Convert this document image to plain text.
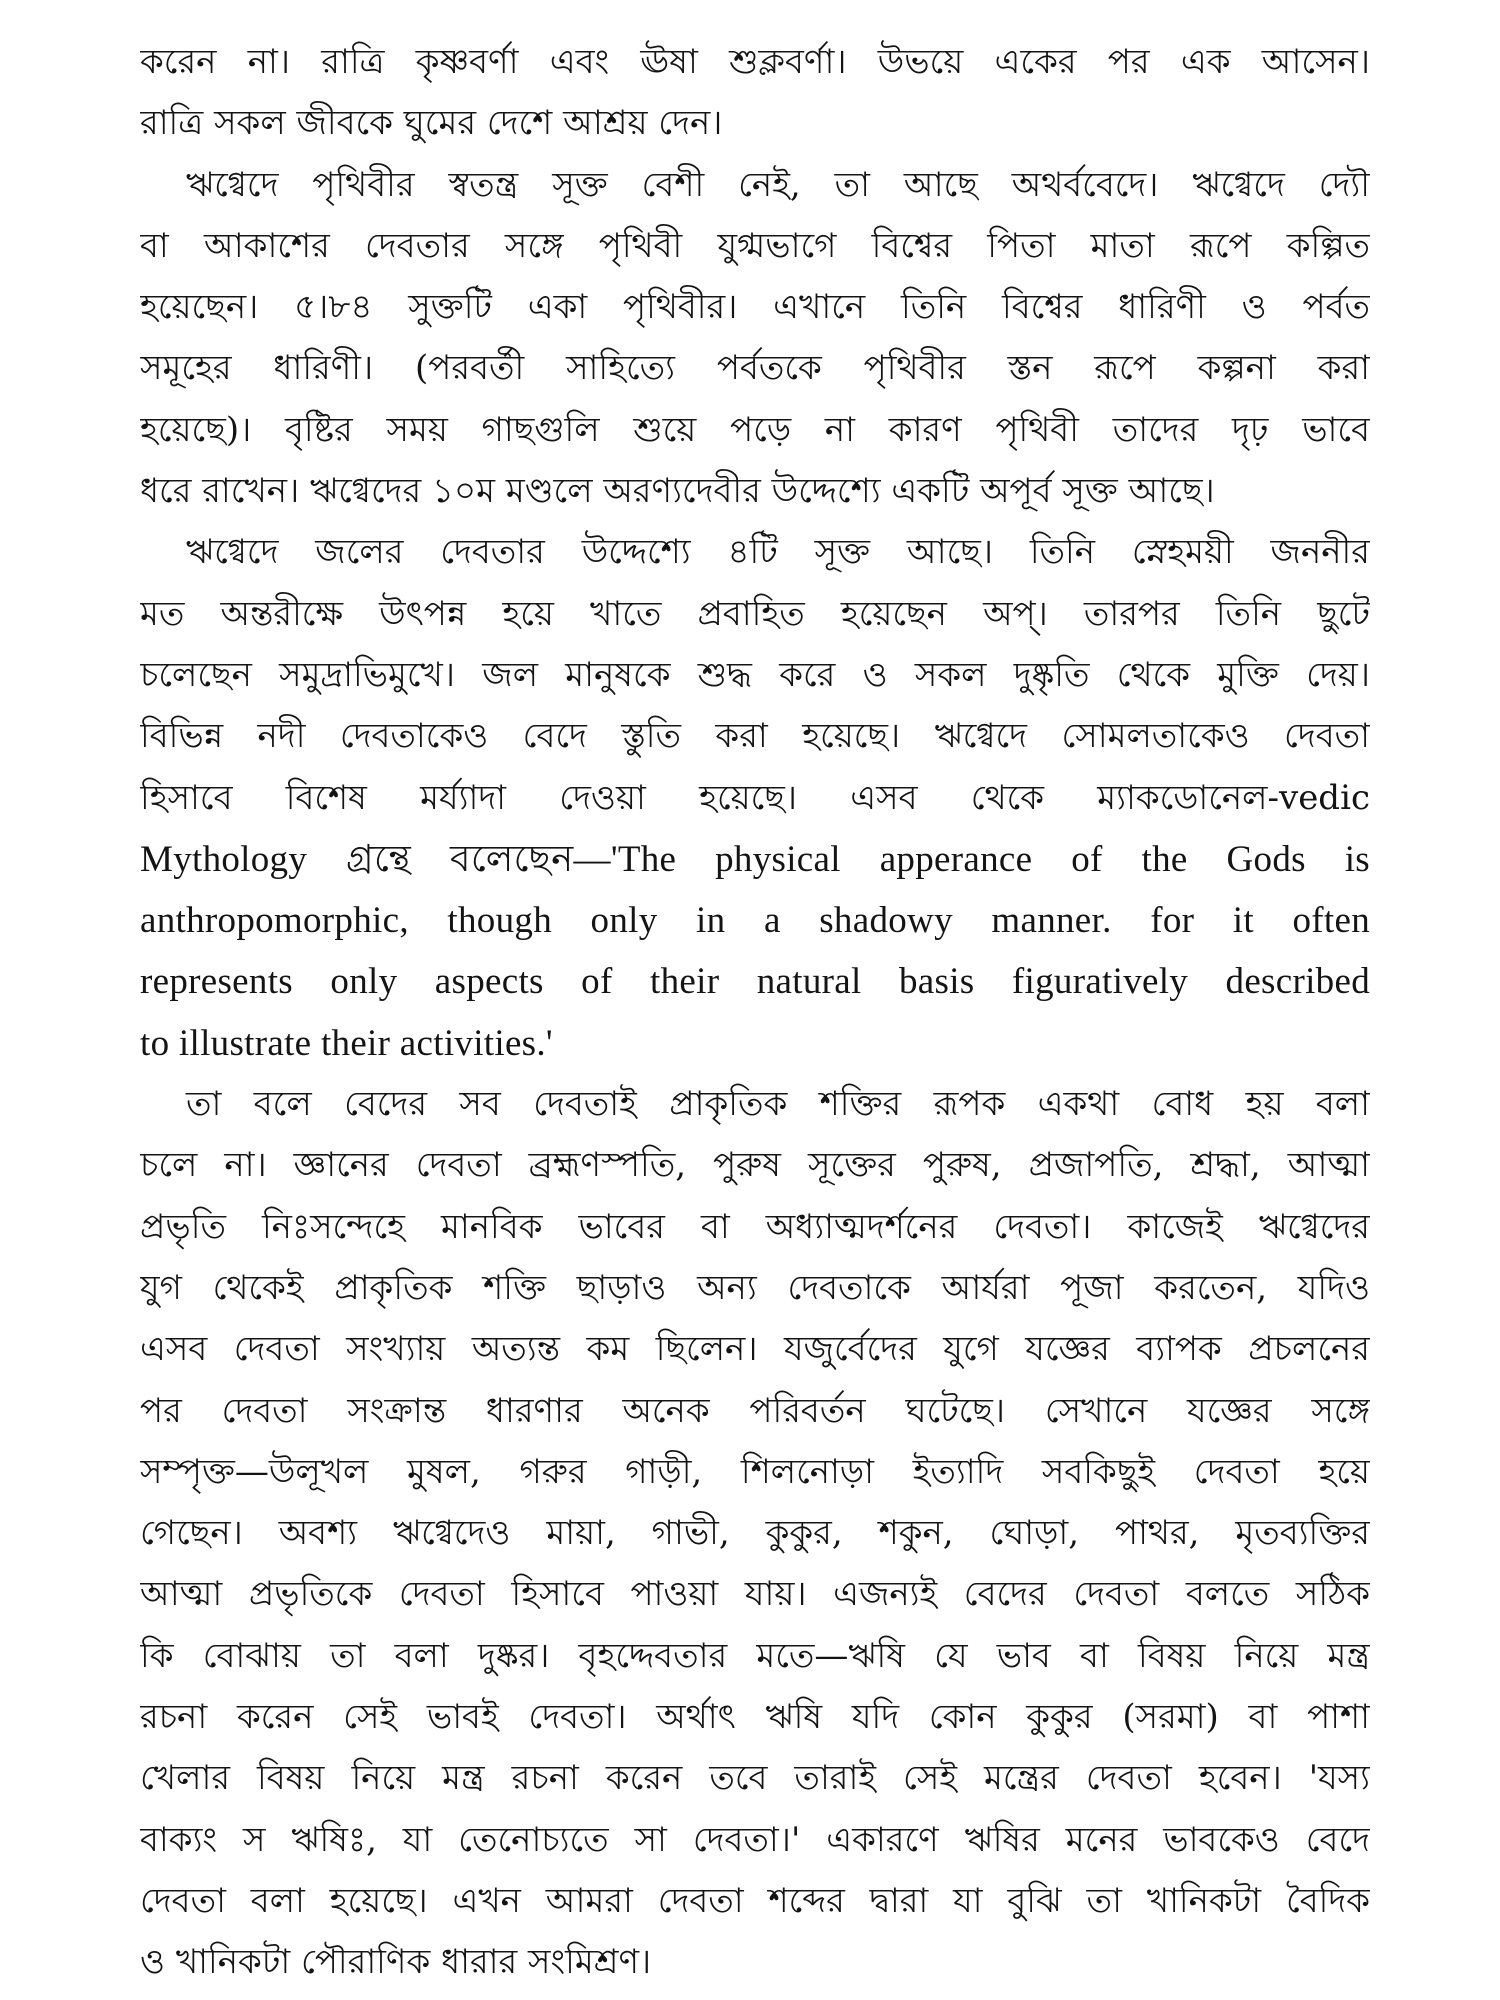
করেন না। রাত্রি কৃষ্ণবর্ণা এবং ঊষা শুক্লবর্ণা। উভয়ে একের পর এক আসেন।
রাত্রি সকল জীবকে ঘুমের দেশে আশ্রয় দেন।
ঋগ্বেদে পৃথিবীর স্বতন্ত্র সূক্ত বেশী নেই, তা আছে অথর্ববেদে। ঋগ্বেদে দ্যৌ
বা আকাশের দেবতার সঙ্গে পৃথিবী যুগ্মভাগে বিশ্বের পিতা মাতা রূপে কল্পিত
হয়েছেন। ৫।৮৪ সুক্তটি একা পৃথিবীর। এখানে তিনি বিশ্বের ধারিণী ও পর্বত
সমূহের ধারিণী। (পরবর্তী সাহিত্যে পর্বতকে পৃথিবীর স্তন রূপে কল্পনা করা
হয়েছে)। বৃষ্টির সময় গাছগুলি শুয়ে পড়ে না কারণ পৃথিবী তাদের দৃঢ় ভাবে
ধরে রাখেন। ঋগ্বেদের ১০ম মণ্ডলে অরণ্যদেবীর উদ্দেশ্যে একটি অপূর্ব সূক্ত আছে।
ঋগ্বেদে জলের দেবতার উদ্দেশ্যে ৪টি সূক্ত আছে। তিনি স্নেহময়ী জননীর
মত অন্তরীক্ষে উৎপন্ন হয়ে খাতে প্রবাহিত হয়েছেন অপ্। তারপর তিনি ছুটে
চলেছেন সমুদ্রাভিমুখে। জল মানুষকে শুদ্ধ করে ও সকল দুষ্কৃতি থেকে মুক্তি দেয়।
বিভিন্ন নদী দেবতাকেও বেদে স্তুতি করা হয়েছে। ঋগ্বেদে সোমলতাকেও দেবতা
হিসাবে বিশেষ মর্য্যাদা দেওয়া হয়েছে। এসব থেকে ম্যাকডোনেল-vedic
Mythology গ্রন্থে বলেছেন—'The physical apperance of the Gods is
anthropomorphic, though only in a shadowy manner. for it often
represents only aspects of their natural basis figuratively described
to illustrate their activities.'
তা বলে বেদের সব দেবতাই প্রাকৃতিক শক্তির রূপক একথা বোধ হয় বলা
চলে না। জ্ঞানের দেবতা ব্রহ্মণস্পতি, পুরুষ সূক্তের পুরুষ, প্রজাপতি, শ্রদ্ধা, আত্মা
প্রভৃতি নিঃসন্দেহে মানবিক ভাবের বা অধ্যাত্মদর্শনের দেবতা। কাজেই ঋগ্বেদের
যুগ থেকেই প্রাকৃতিক শক্তি ছাড়াও অন্য দেবতাকে আর্যরা পূজা করতেন, যদিও
এসব দেবতা সংখ্যায় অত্যন্ত কম ছিলেন। যজুর্বেদের যুগে যজ্ঞের ব্যাপক প্রচলনের
পর দেবতা সংক্রান্ত ধারণার অনেক পরিবর্তন ঘটেছে। সেখানে যজ্ঞের সঙ্গে
সম্পৃক্ত—উলূখল মুষল, গরুর গাড়ী, শিলনোড়া ইত্যাদি সবকিছুই দেবতা হয়ে
গেছেন। অবশ্য ঋগ্বেদেও মায়া, গাভী, কুকুর, শকুন, ঘোড়া, পাথর, মৃতব্যক্তির
আত্মা প্রভৃতিকে দেবতা হিসাবে পাওয়া যায়। এজন্যই বেদের দেবতা বলতে সঠিক
কি বোঝায় তা বলা দুষ্কর। বৃহদ্দেবতার মতে—ঋষি যে ভাব বা বিষয় নিয়ে মন্ত্র
রচনা করেন সেই ভাবই দেবতা। অর্থাৎ ঋষি যদি কোন কুকুর (সরমা) বা পাশা
খেলার বিষয় নিয়ে মন্ত্র রচনা করেন তবে তারাই সেই মন্ত্রের দেবতা হবেন। 'যস্য
বাক্যং স ঋষিঃ, যা তেনোচ্যতে সা দেবতা।' একারণে ঋষির মনের ভাবকেও বেদে
দেবতা বলা হয়েছে। এখন আমরা দেবতা শব্দের দ্বারা যা বুঝি তা খানিকটা বৈদিক
ও খানিকটা পৌরাণিক ধারার সংমিশ্রণ।
